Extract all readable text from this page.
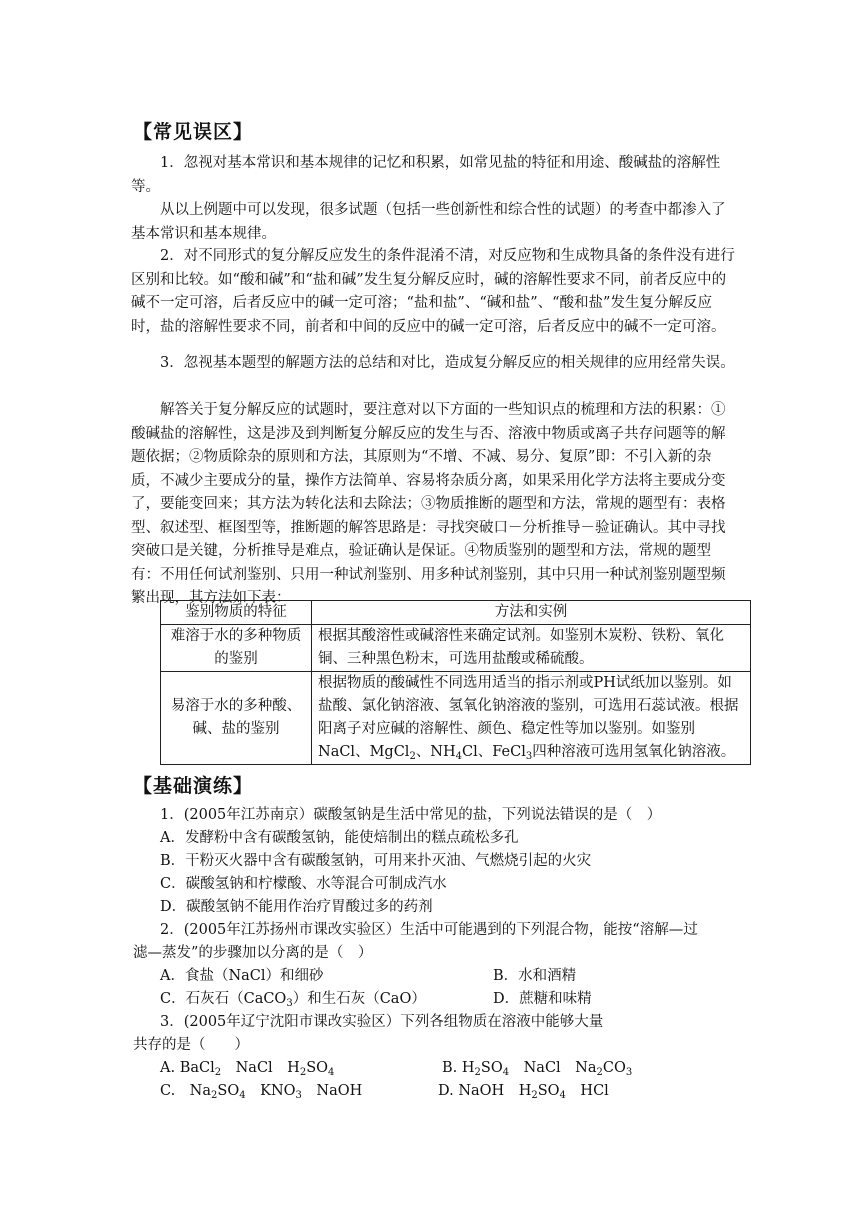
【常见误区】
1．忽视对基本常识和基本规律的记忆和积累，如常见盐的特征和用途、酸碱盐的溶解性等。
从以上例题中可以发现，很多试题（包括一些创新性和综合性的试题）的考查中都渗入了基本常识和基本规律。
2．对不同形式的复分解反应发生的条件混淆不清，对反应物和生成物具备的条件没有进行区别和比较。如“酸和碱”和“盐和碱”发生复分解反应时，碱的溶解性要求不同，前者反应中的碱不一定可溶，后者反应中的碱一定可溶；“盐和盐”、“碱和盐”、“酸和盐”发生复分解反应时，盐的溶解性要求不同，前者和中间的反应中的碱一定可溶，后者反应中的碱不一定可溶。
3．忽视基本题型的解题方法的总结和对比，造成复分解反应的相关规律的应用经常失误。
解答关于复分解反应的试题时，要注意对以下方面的一些知识点的梳理和方法的积累：①酸碱盐的溶解性，这是涉及到判断复分解反应的发生与否、溶液中物质或离子共存问题等的解题依据；②物质除杂的原则和方法，其原则为“不增、不减、易分、复原”即：不引入新的杂质，不减少主要成分的量，操作方法简单、容易将杂质分离，如果采用化学方法将主要成分变了，要能变回来；其方法为转化法和去除法；③物质推断的题型和方法，常规的题型有：表格型、叙述型、框图型等，推断题的解答思路是：寻找突破口－分析推导－验证确认。其中寻找突破口是关键，分析推导是难点，验证确认是保证。④物质鉴别的题型和方法，常规的题型有：不用任何试剂鉴别、只用一种试剂鉴别、用多种试剂鉴别，其中只用一种试剂鉴别题型频繁出现，其方法如下表：
鉴别物质的特征	方法和实例
难溶于水的多种物质的鉴别	根据其酸溶性或碱溶性来确定试剂。如鉴别木炭粉、铁粉、氧化铜、三种黑色粉末，可选用盐酸或稀硫酸。
易溶于水的多种酸、碱、盐的鉴别	根据物质的酸碱性不同选用适当的指示剂或PH试纸加以鉴别。如盐酸、氯化钠溶液、氢氧化钠溶液的鉴别，可选用石蕊试液。根据阳离子对应碱的溶解性、颜色、稳定性等加以鉴别。如鉴别 NaCl、MgCl$_2$、$NH_4Cl$、FeCl$_3$四种溶液可选用氢氧化钠溶液。
【基础演练】
1．(2005年江苏南京）碳酸氢钠是生活中常见的盐，下列说法错误的是（　）
A．发酵粉中含有碳酸氢钠，能使焙制出的糕点疏松多孔
B．干粉灭火器中含有碳酸氢钠，可用来扑灭油、气燃烧引起的火灾
C．碳酸氢钠和柠檬酸、水等混合可制成汽水
D．碳酸氢钠不能用作治疗胃酸过多的药剂
2．(2005年江苏扬州市课改实验区）生活中可能遇到的下列混合物，能按“溶解—过
滤—蒸发”的步骤加以分离的是（　）
A．食盐（NaCl）和细砂	B．水和酒精
C．石灰石（CaCO$_3$）和生石灰（CaO）	D．蔗糖和味精
3．(2005年辽宁沈阳市课改实验区）下列各组物质在溶液中能够大量
共存的是（　　）
A. BaCl$_2$　NaCl　$H_2SO_4$	B. $H_2SO_4$　NaCl　$Na_2CO_3$
C.　$Na_2SO_4$　$KNO_3$　NaOH	D. NaOH　$H_2SO_4$　HCl
